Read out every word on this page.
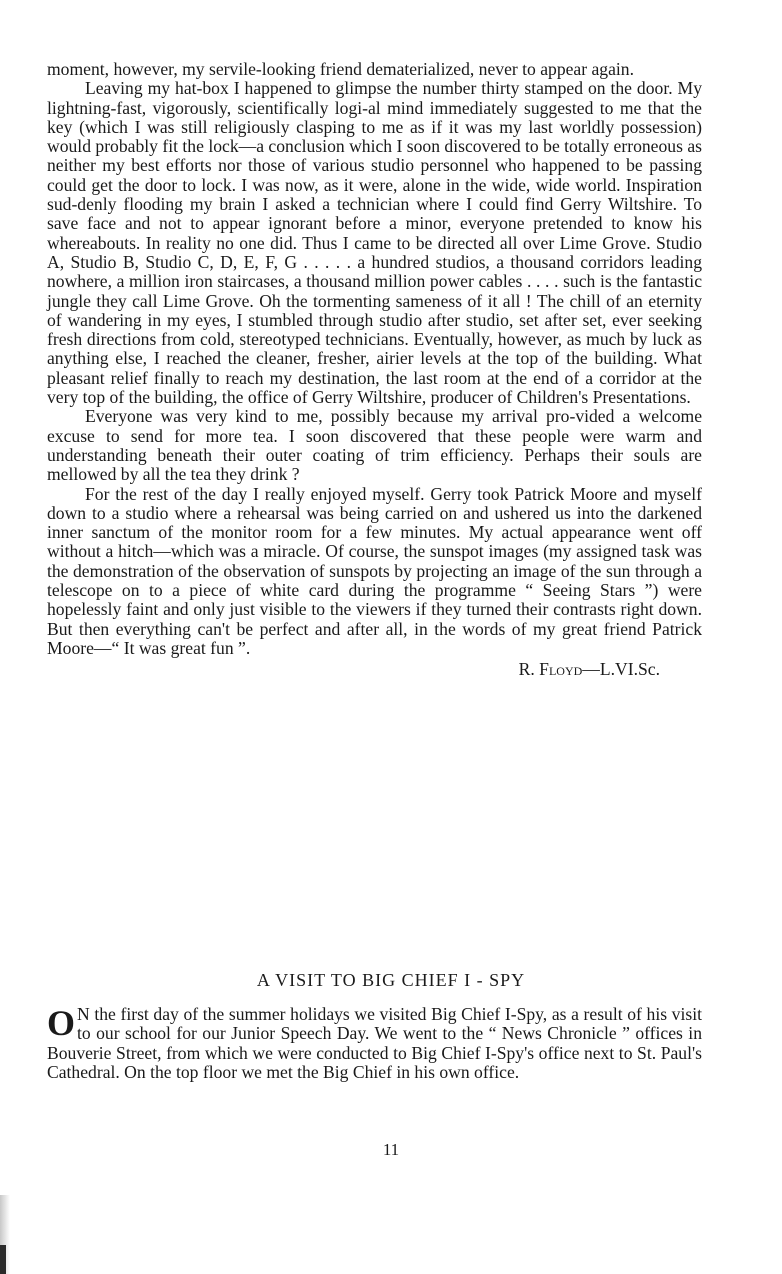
moment, however, my servile-looking friend dematerialized, never to appear again.

Leaving my hat-box I happened to glimpse the number thirty stamped on the door. My lightning-fast, vigorously, scientifically logi-al mind immediately suggested to me that the key (which I was still religiously clasping to me as if it was my last worldly possession) would probably fit the lock—a conclusion which I soon discovered to be totally erroneous as neither my best efforts nor those of various studio personnel who happened to be passing could get the door to lock. I was now, as it were, alone in the wide, wide world. Inspiration sud-denly flooding my brain I asked a technician where I could find Gerry Wiltshire. To save face and not to appear ignorant before a minor, everyone pretended to know his whereabouts. In reality no one did. Thus I came to be directed all over Lime Grove. Studio A, Studio B, Studio C, D, E, F, G . . . . . a hundred studios, a thousand corridors leading nowhere, a million iron staircases, a thousand million power cables . . . . such is the fantastic jungle they call Lime Grove. Oh the tormenting sameness of it all ! The chill of an eternity of wandering in my eyes, I stumbled through studio after studio, set after set, ever seeking fresh directions from cold, stereotyped technicians. Eventually, however, as much by luck as anything else, I reached the cleaner, fresher, airier levels at the top of the building. What pleasant relief finally to reach my destination, the last room at the end of a corridor at the very top of the building, the office of Gerry Wiltshire, producer of Children's Presentations.

Everyone was very kind to me, possibly because my arrival pro-vided a welcome excuse to send for more tea. I soon discovered that these people were warm and understanding beneath their outer coating of trim efficiency. Perhaps their souls are mellowed by all the tea they drink ?

For the rest of the day I really enjoyed myself. Gerry took Patrick Moore and myself down to a studio where a rehearsal was being carried on and ushered us into the darkened inner sanctum of the monitor room for a few minutes. My actual appearance went off without a hitch—which was a miracle. Of course, the sunspot images (my assigned task was the demonstration of the observation of sunspots by projecting an image of the sun through a telescope on to a piece of white card during the programme “ Seeing Stars ”) were hopelessly faint and only just visible to the viewers if they turned their contrasts right down. But then everything can't be perfect and after all, in the words of my great friend Patrick Moore—“ It was great fun ”.

R. Floyd—L.VI.Sc.
A VISIT TO BIG CHIEF I - SPY

O N the first day of the summer holidays we visited Big Chief I-Spy, as a result of his visit to our school for our Junior Speech Day. We went to the “ News Chronicle ” offices in Bouverie Street, from which we were conducted to Big Chief I-Spy's office next to St. Paul's Cathedral. On the top floor we met the Big Chief in his own office.

11
